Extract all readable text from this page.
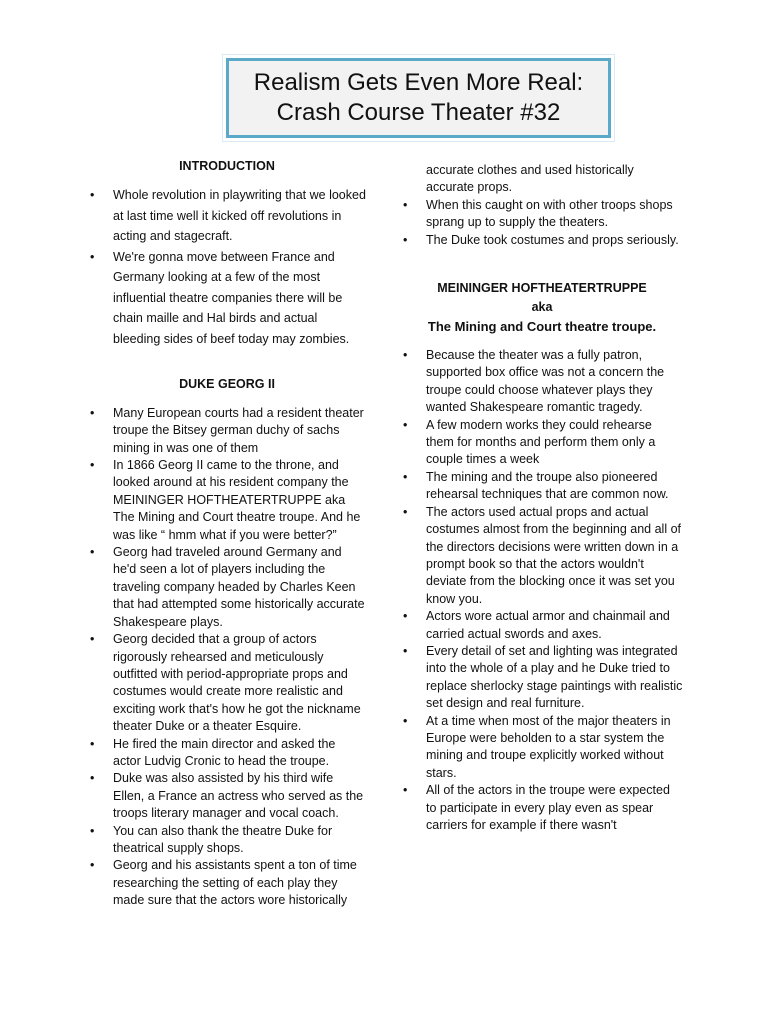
Realism Gets Even More Real:
Crash Course Theater #32

INTRODUCTION

• Whole revolution in playwriting that we looked at last time well it kicked off revolutions in acting and stagecraft.
• We're gonna move between France and Germany looking at a few of the most influential theatre companies there will be chain maille and Hal birds and actual bleeding sides of beef today may zombies.

DUKE GEORG II

• Many European courts had a resident theater troupe the Bitsey german duchy of sachs mining in was one of them
• In 1866 Georg II came to the throne, and looked around at his resident company the MEININGER HOFTHEATERTRUPPE aka The Mining and Court theatre troupe. And he was like “ hmm what if you were better?”
• Georg had traveled around Germany and he'd seen a lot of players including the traveling company headed by Charles Keen that had attempted some historically accurate Shakespeare plays.
• Georg decided that a group of actors rigorously rehearsed and meticulously outfitted with period-appropriate props and costumes would create more realistic and exciting work that's how he got the nickname theater Duke or a theater Esquire.
• He fired the main director and asked the actor Ludvig Cronic to head the troupe.
• Duke was also assisted by his third wife Ellen, a France an actress who served as the troops literary manager and vocal coach.
• You can also thank the theatre Duke for theatrical supply shops.
• Georg and his assistants spent a ton of time researching the setting of each play they made sure that the actors wore historically
accurate clothes and used historically accurate props.
• When this caught on with other troops shops sprang up to supply the theaters.
• The Duke took costumes and props seriously.
MEININGER HOFTHEATERTRUPPE
aka
The Mining and Court theatre troupe.
• Because the theater was a fully patron, supported box office was not a concern the troupe could choose whatever plays they wanted Shakespeare romantic tragedy.
• A few modern works they could rehearse them for months and perform them only a couple times a week
• The mining and the troupe also pioneered rehearsal techniques that are common now.
• The actors used actual props and actual costumes almost from the beginning and all of the directors decisions were written down in a prompt book so that the actors wouldn't deviate from the blocking once it was set you know you.
• Actors wore actual armor and chainmail and carried actual swords and axes.
• Every detail of set and lighting was integrated into the whole of a play and he Duke tried to replace sherlocky stage paintings with realistic set design and real furniture.
• At a time when most of the major theaters in Europe were beholden to a star system the mining and troupe explicitly worked without stars.
• All of the actors in the troupe were expected to participate in every play even as spear carriers for example if there wasn't
